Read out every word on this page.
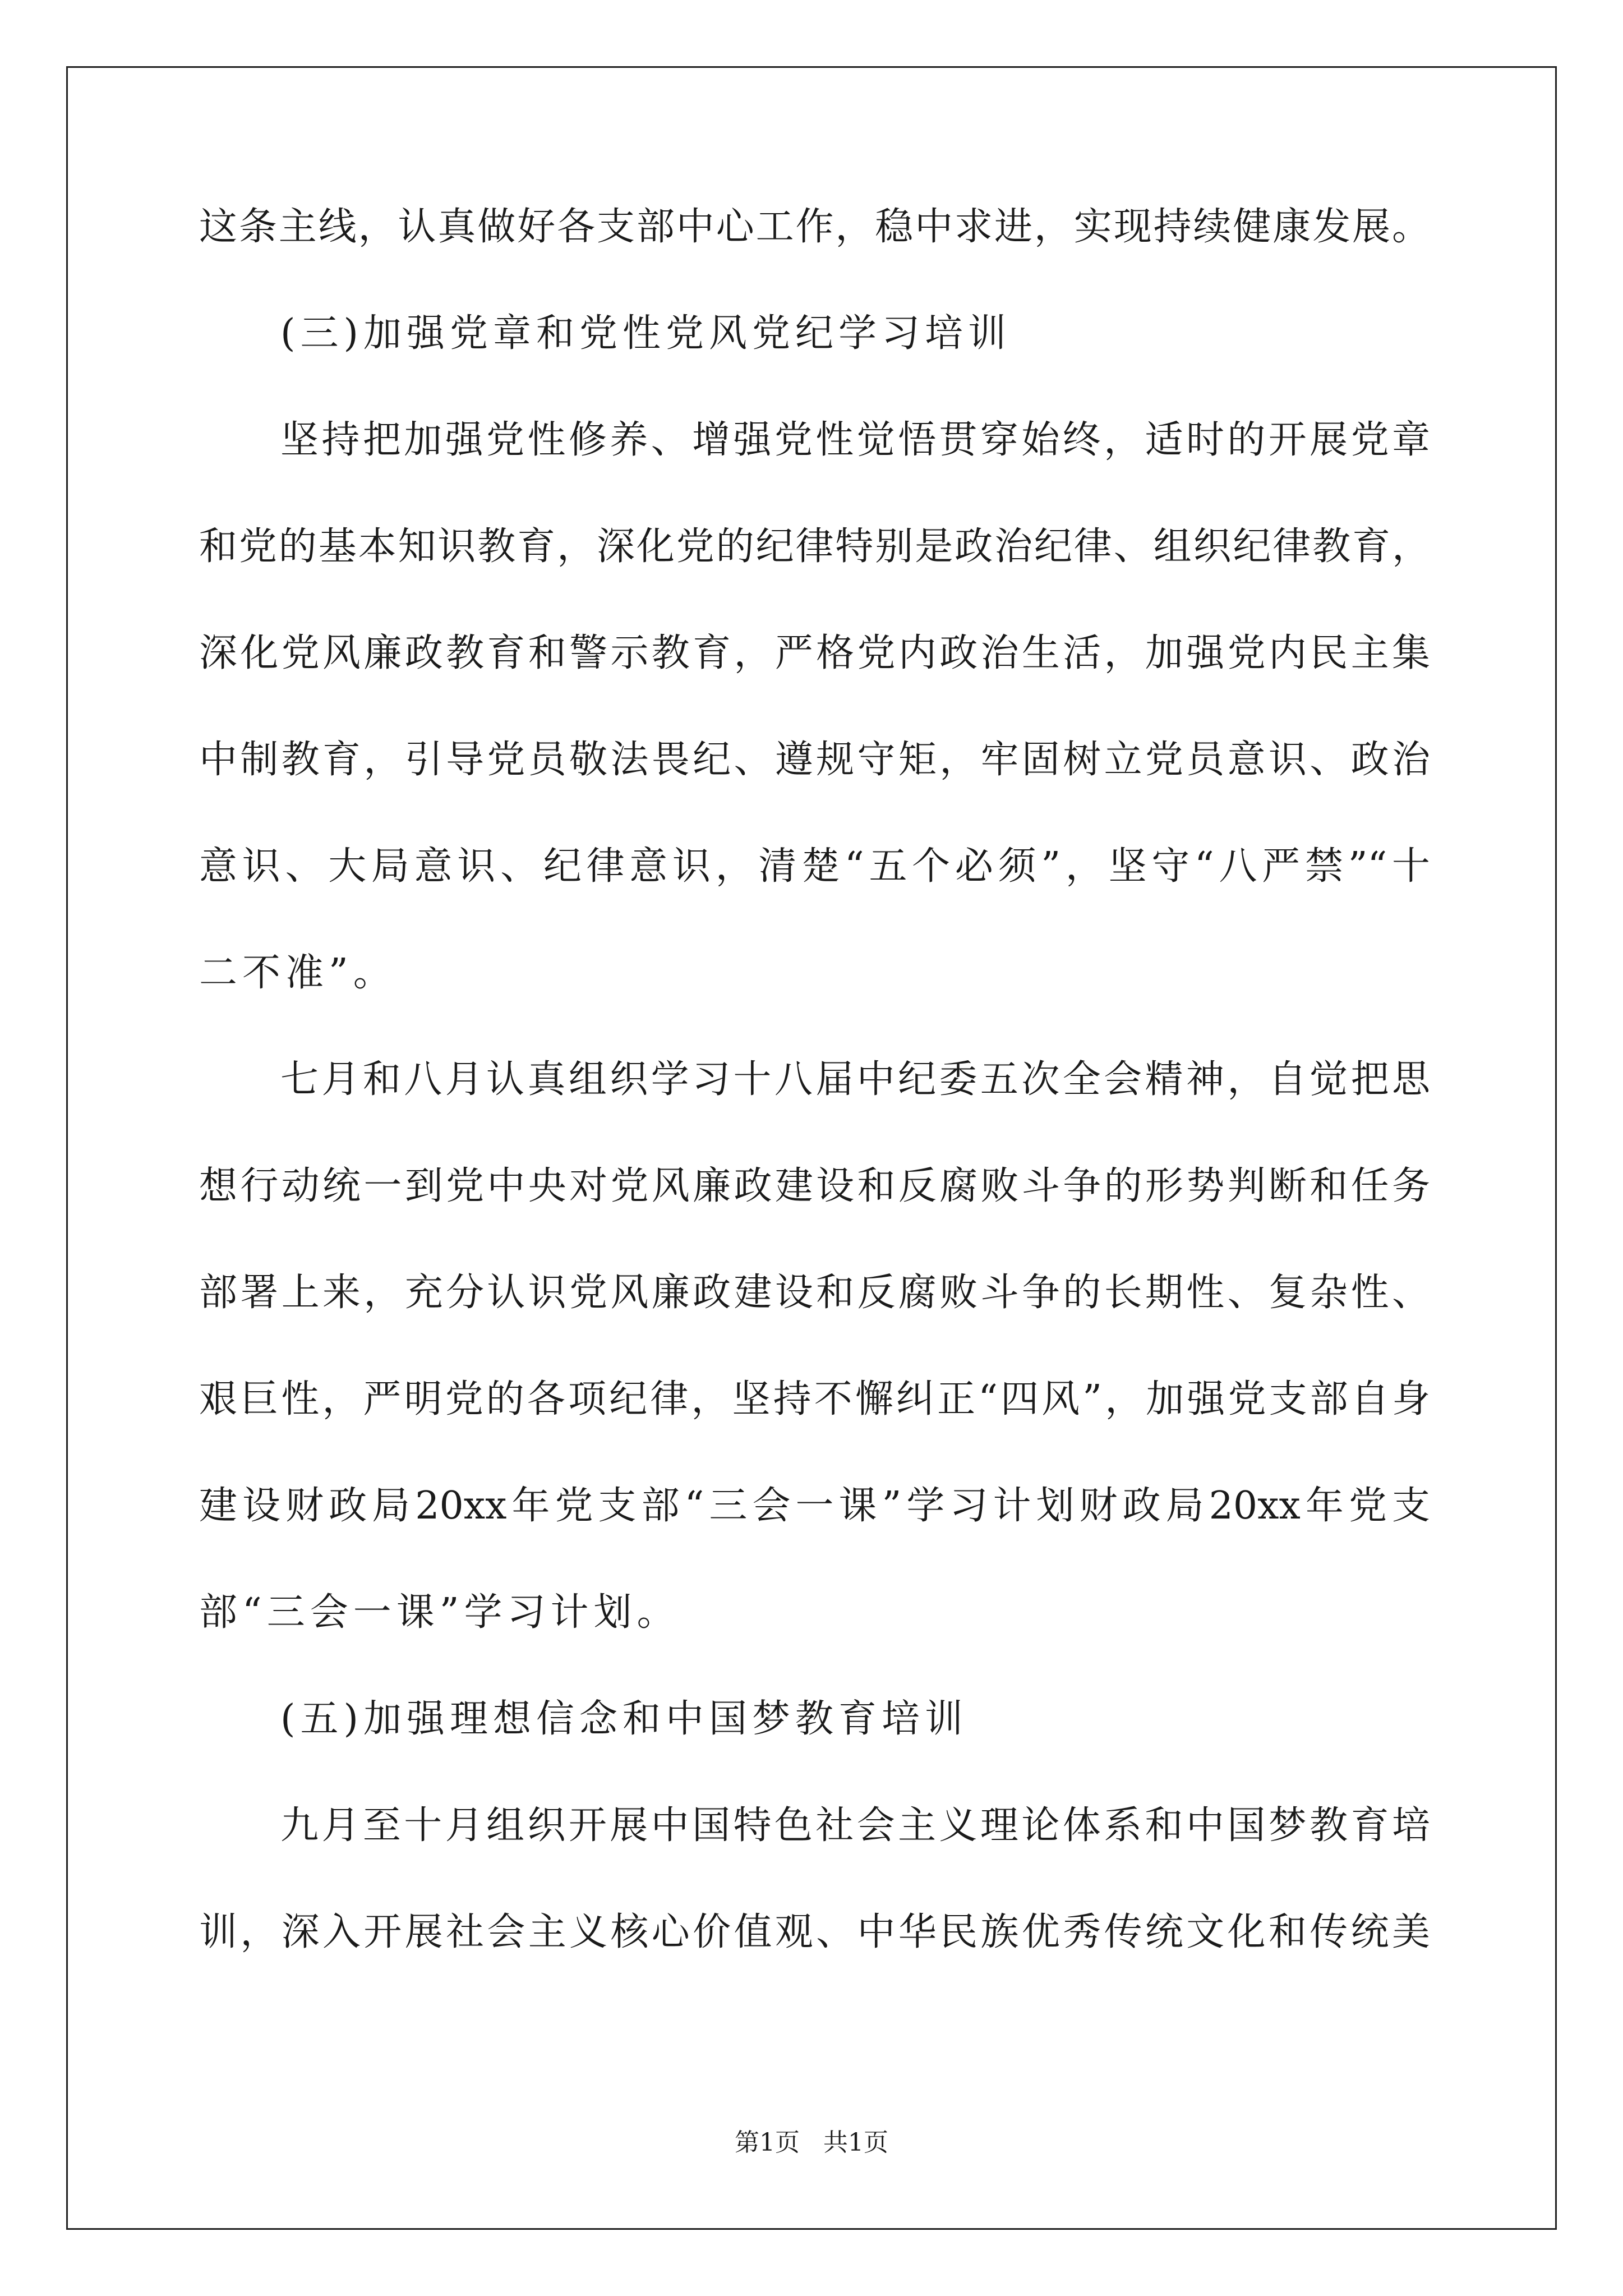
这条主线，认真做好各支部中心工作，稳中求进，实现持续健康发展。
(三)加强党章和党性党风党纪学习培训
坚持把加强党性修养、增强党性觉悟贯穿始终，适时的开展党章
和党的基本知识教育，深化党的纪律特别是政治纪律、组织纪律教育，
深化党风廉政教育和警示教育，严格党内政治生活，加强党内民主集
中制教育，引导党员敬法畏纪、遵规守矩，牢固树立党员意识、政治
意识、大局意识、纪律意识，清楚“五个必须”，坚守“八严禁”“十
二不准”。
七月和八月认真组织学习十八届中纪委五次全会精神，自觉把思
想行动统一到党中央对党风廉政建设和反腐败斗争的形势判断和任务
部署上来，充分认识党风廉政建设和反腐败斗争的长期性、复杂性、
艰巨性，严明党的各项纪律，坚持不懈纠正“四风”，加强党支部自身
建设财政局20xx年党支部“三会一课”学习计划财政局20xx年党支
部“三会一课”学习计划。
(五)加强理想信念和中国梦教育培训
九月至十月组织开展中国特色社会主义理论体系和中国梦教育培
训，深入开展社会主义核心价值观、中华民族优秀传统文化和传统美
第1页 共1页
